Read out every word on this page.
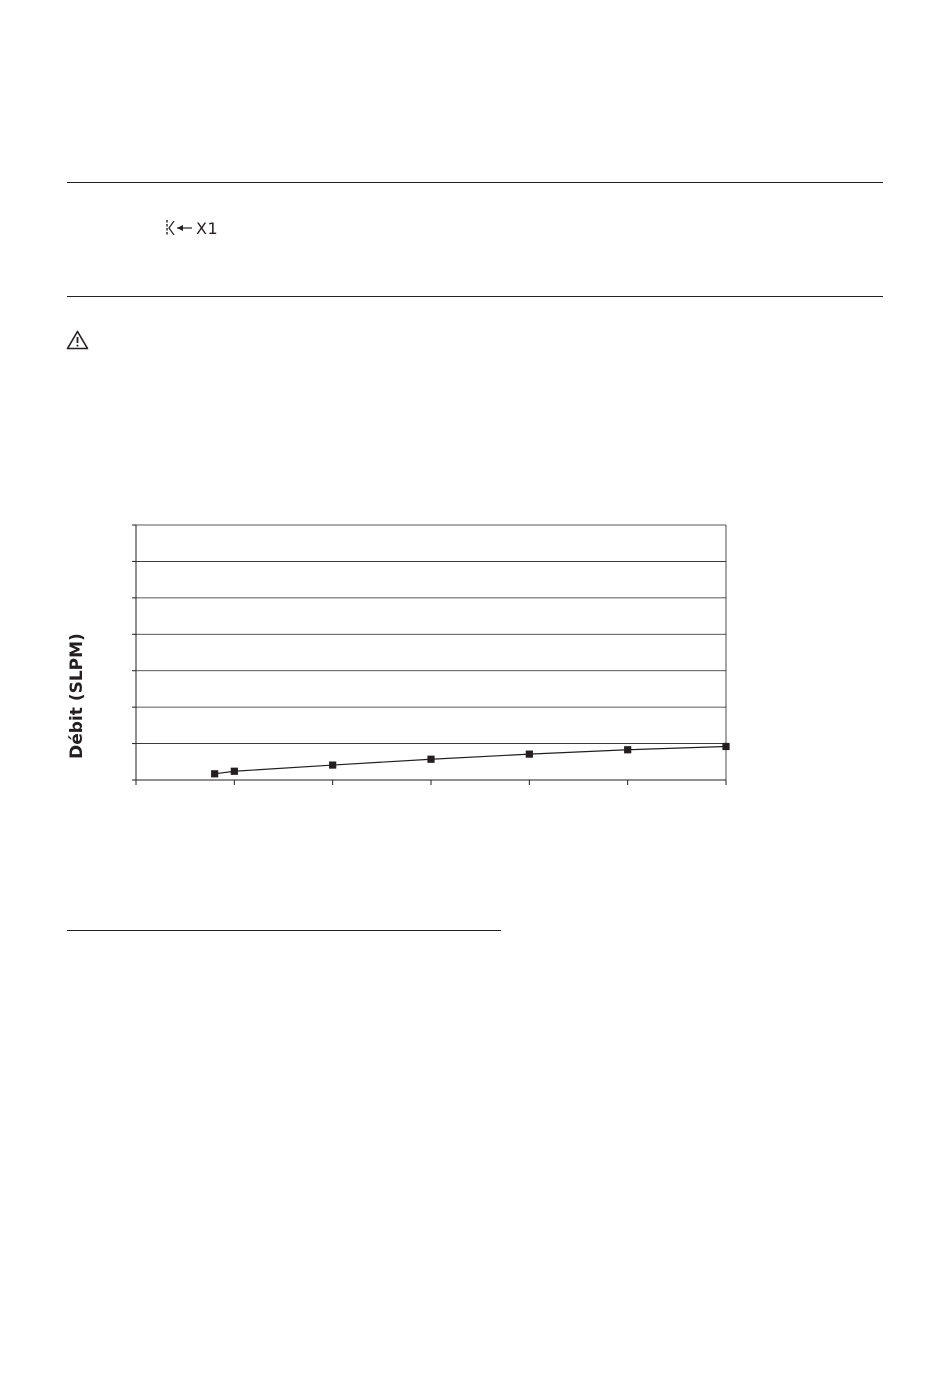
X1
Débit (SLPM)
